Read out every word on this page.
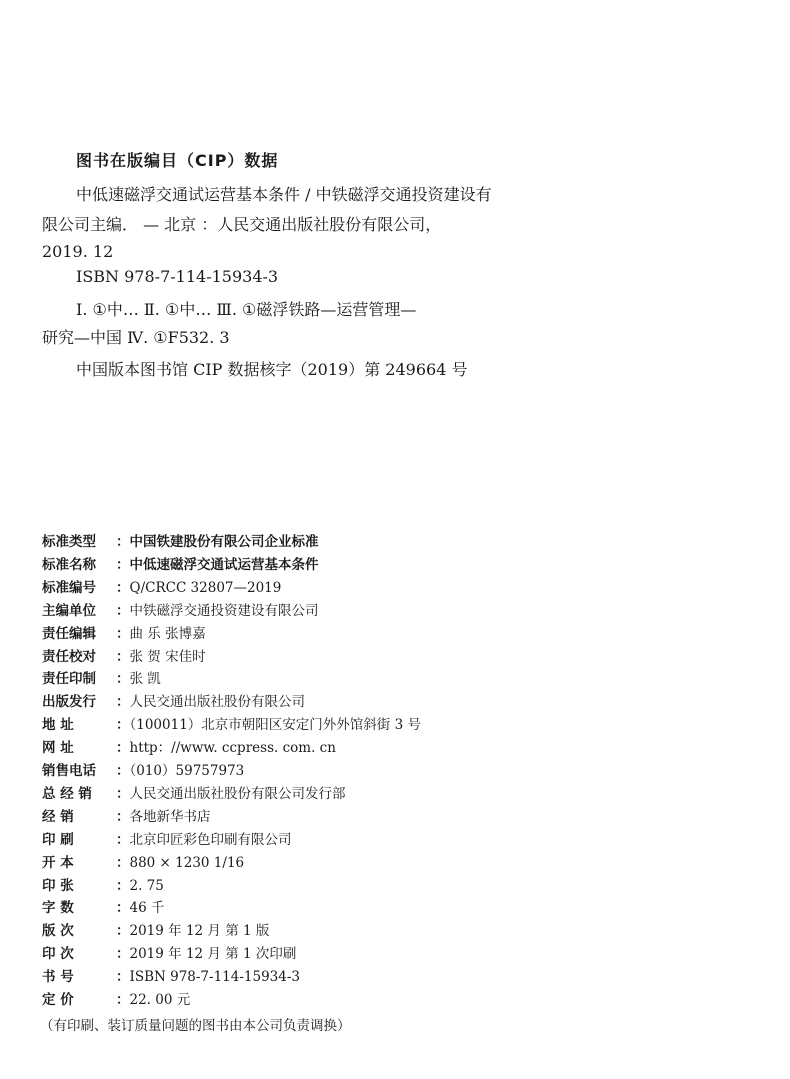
图书在版编目（CIP）数据
中低速磁浮交通试运营基本条件 / 中铁磁浮交通投资建设有
限公司主编． — 北京 ：人民交通出版社股份有限公司，
2019. 12
ISBN 978-7-114-15934-3
Ⅰ. ①中… Ⅱ. ①中… Ⅲ. ①磁浮铁路—运营管理—
研究—中国 Ⅳ. ①F532. 3
中国版本图书馆 CIP 数据核字（2019）第 249664 号
标准类型 ：中国铁建股份有限公司企业标准
标准名称 ：中低速磁浮交通试运营基本条件
标准编号 ：Q/CRCC 32807—2019
主编单位 ：中铁磁浮交通投资建设有限公司
责任编辑 ：曲 乐 张博嘉
责任校对 ：张 贺 宋佳时
责任印制 ：张 凯
出版发行 ：人民交通出版社股份有限公司
地 址	：（100011）北京市朝阳区安定门外外馆斜街 3 号
网 址	：http：//www. ccpress. com. cn
销售电话 ：（010）59757973
总 经 销 ：人民交通出版社股份有限公司发行部
经 销	：各地新华书店
印 刷	：北京印匠彩色印刷有限公司
开 本	：880 × 1230 1/16
印 张	：2. 75
字 数	：46 千
版 次	：2019 年 12 月 第 1 版
印 次	：2019 年 12 月 第 1 次印刷
书 号	：ISBN 978-7-114-15934-3
定 价	：22. 00 元
（有印刷、装订质量问题的图书由本公司负责调换）
